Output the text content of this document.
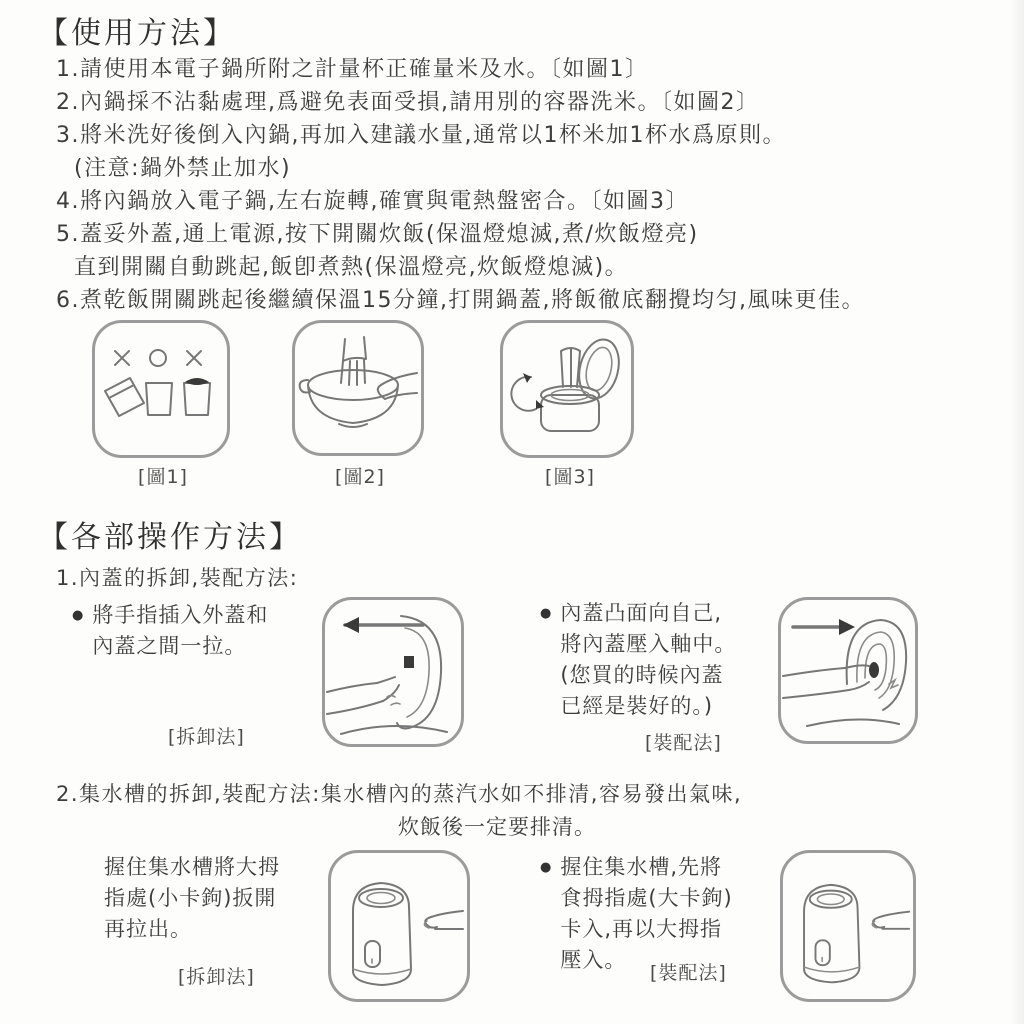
【使用方法】
1.請使用本電子鍋所附之計量杯正確量米及水。〔如圖1〕
2.內鍋採不沾黏處理,爲避免表面受損,請用別的容器洗米。〔如圖2〕
3.將米洗好後倒入內鍋,再加入建議水量,通常以1杯米加1杯水爲原則。
(注意:鍋外禁止加水)
4.將內鍋放入電子鍋,左右旋轉,確實與電熱盤密合。〔如圖3〕
5.蓋妥外蓋,通上電源,按下開關炊飯(保溫燈熄滅,煮/炊飯燈亮)
直到開關自動跳起,飯卽煮熱(保溫燈亮,炊飯燈熄滅)。
6.煮乾飯開關跳起後繼續保溫15分鐘,打開鍋蓋,將飯徹底翻攪均匀,風味更佳。
[圖1]	[圖2]	[圖3]
【各部操作方法】
1.內蓋的拆卸,裝配方法:
● 將手指插入外蓋和
內蓋之間一拉。
[拆卸法]
● 內蓋凸面向自己,
將內蓋壓入軸中。
(您買的時候內蓋
已經是裝好的。)
[裝配法]
2.集水槽的拆卸,裝配方法:集水槽內的蒸汽水如不排清,容易發出氣味,
炊飯後一定要排清。
握住集水槽將大拇
指處(小卡鉤)扳開
再拉出。
[拆卸法]
● 握住集水槽,先將
食拇指處(大卡鉤)
卡入,再以大拇指
壓入。
[裝配法]
